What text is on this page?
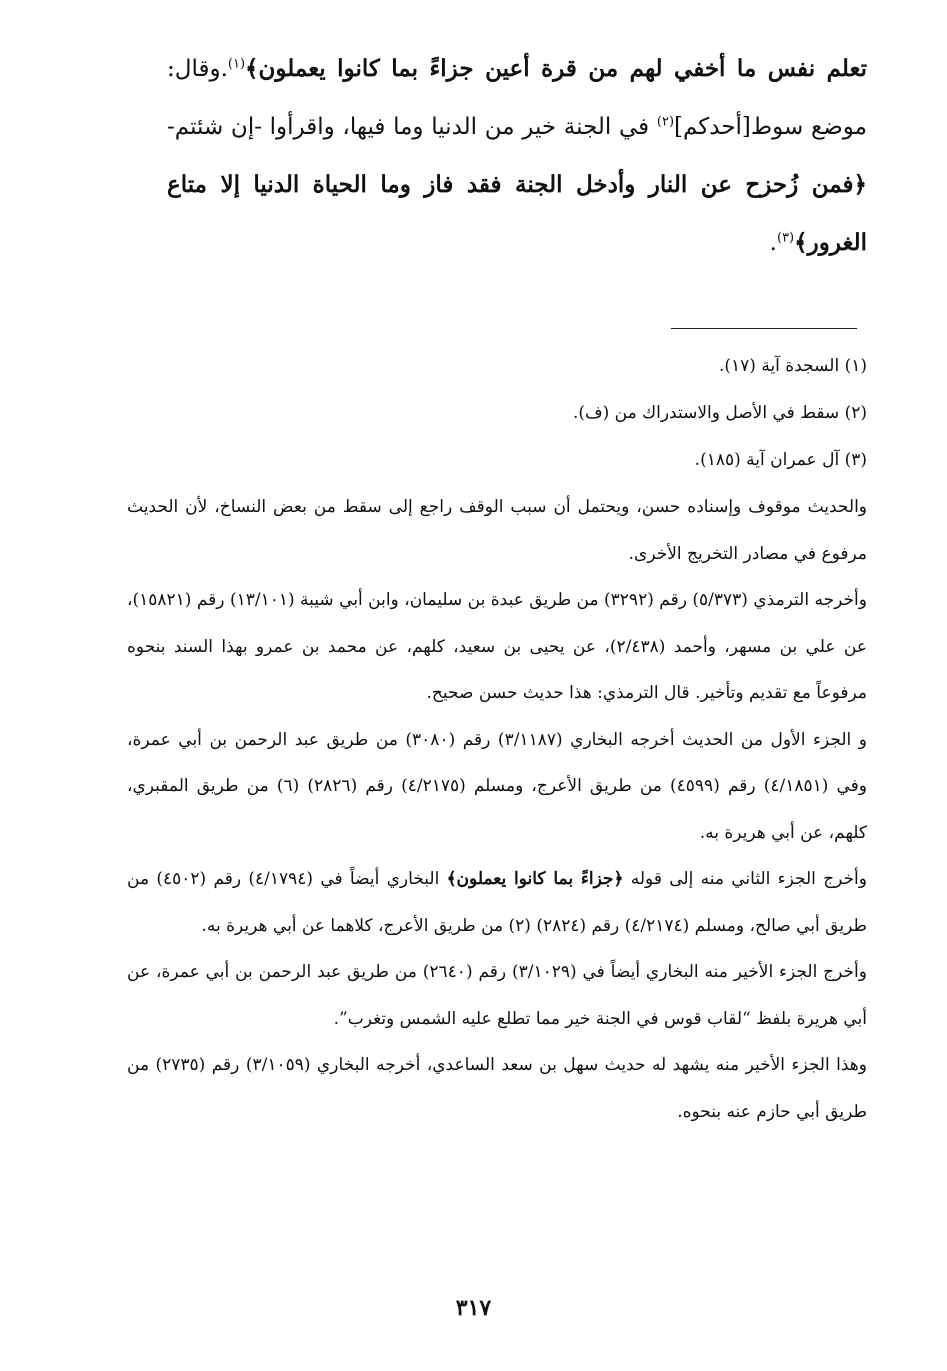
تعلم نفس ما أخفي لهم من قرة أعين جزاءً بما كانوا يعملون﴾$^{(١)}$.وقال: موضع سوط[أحدكم]$^{(٢)}$ في الجنة خير من الدنيا وما فيها، واقرأوا -إن شئتم- ﴿فمن زُحزح عن النار وأدخل الجنة فقد فاز وما الحياة الدنيا إلا متاع الغرور﴾$^{(٣)}$.

(١) السجدة آية (١٧).

(٢) سقط في الأصل والاستدراك من (ف).

(٣) آل عمران آية (١٨٥).

والحديث موقوف وإسناده حسن، ويحتمل أن سبب الوقف راجع إلى سقط من بعض النساخ، لأن الحديث مرفوع في مصادر التخريج الأخرى.

وأخرجه الترمذي (٥/٣٧٣) رقم (٣٢٩٢) من طريق عبدة بن سليمان، وابن أبي شيبة (١٣/١٠١) رقم (١٥٨٢١)، عن علي بن مسهر، وأحمد (٢/٤٣٨)، عن يحيى بن سعيد، كلهم، عن محمد بن عمرو بهذا السند بنحوه مرفوعاً مع تقديم وتأخير. قال الترمذي: هذا حديث حسن صحيح.

و الجزء الأول من الحديث أخرجه البخاري (٣/١١٨٧) رقم (٣٠٨٠) من طريق عبد الرحمن بن أبي عمرة، وفي (٤/١٨٥١) رقم (٤٥٩٩) من طريق الأعرج، ومسلم (٤/٢١٧٥) رقم (٢٨٢٦) (٦) من طريق المقبري، كلهم، عن أبي هريرة به.

وأخرج الجزء الثاني منه إلى قوله ﴿جزاءً بما كانوا يعملون﴾ البخاري أيضاً في (٤/١٧٩٤) رقم (٤٥٠٢) من طريق أبي صالح، ومسلم (٤/٢١٧٤) رقم (٢٨٢٤) (٢) من طريق الأعرج، كلاهما عن أبي هريرة به.

وأخرج الجزء الأخير منه البخاري أيضاً في (٣/١٠٢٩) رقم (٢٦٤٠) من طريق عبد الرحمن بن أبي عمرة، عن أبي هريرة بلفظ “لقاب قوس في الجنة خير مما تطلع عليه الشمس وتغرب”.

وهذا الجزء الأخير منه يشهد له حديث سهل بن سعد الساعدي، أخرجه البخاري (٣/١٠٥٩) رقم (٢٧٣٥) من طريق أبي حازم عنه بنحوه.

٣١٧
